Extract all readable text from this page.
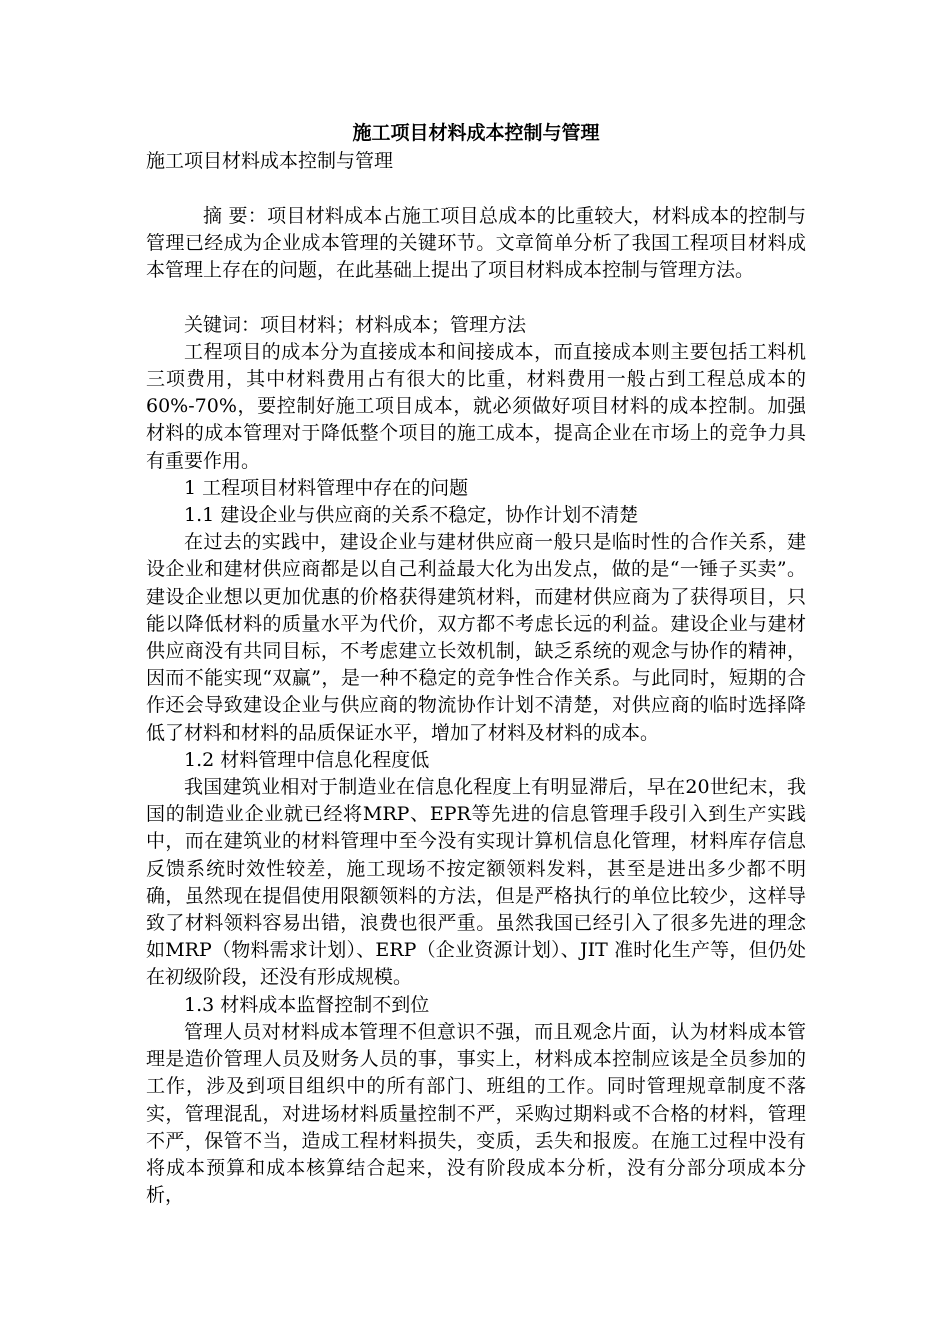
施工项目材料成本控制与管理

施工项目材料成本控制与管理

摘 要：项目材料成本占施工项目总成本的比重较大，材料成本的控制与管理已经成为企业成本管理的关键环节。文章简单分析了我国工程项目材料成本管理上存在的问题，在此基础上提出了项目材料成本控制与管理方法。

关键词：项目材料；材料成本；管理方法

工程项目的成本分为直接成本和间接成本，而直接成本则主要包括工料机三项费用，其中材料费用占有很大的比重，材料费用一般占到工程总成本的60%-70%，要控制好施工项目成本，就必须做好项目材料的成本控制。加强材料的成本管理对于降低整个项目的施工成本，提高企业在市场上的竞争力具有重要作用。

1 工程项目材料管理中存在的问题

1.1 建设企业与供应商的关系不稳定，协作计划不清楚

在过去的实践中，建设企业与建材供应商一般只是临时性的合作关系，建设企业和建材供应商都是以自己利益最大化为出发点，做的是“一锤子买卖”。建设企业想以更加优惠的价格获得建筑材料，而建材供应商为了获得项目，只能以降低材料的质量水平为代价，双方都不考虑长远的利益。建设企业与建材供应商没有共同目标，不考虑建立长效机制，缺乏系统的观念与协作的精神，因而不能实现“双赢”，是一种不稳定的竞争性合作关系。与此同时，短期的合作还会导致建设企业与供应商的物流协作计划不清楚，对供应商的临时选择降低了材料和材料的品质保证水平，增加了材料及材料的成本。

1.2 材料管理中信息化程度低

我国建筑业相对于制造业在信息化程度上有明显滞后，早在20世纪末，我国的制造业企业就已经将MRP、EPR等先进的信息管理手段引入到生产实践中，而在建筑业的材料管理中至今没有实现计算机信息化管理，材料库存信息反馈系统时效性较差，施工现场不按定额领料发料，甚至是进出多少都不明确，虽然现在提倡使用限额领料的方法，但是严格执行的单位比较少，这样导致了材料领料容易出错，浪费也很严重。虽然我国已经引入了很多先进的理念如MRP（物料需求计划）、ERP（企业资源计划）、JIT 准时化生产等，但仍处在初级阶段，还没有形成规模。

1.3 材料成本监督控制不到位

管理人员对材料成本管理不但意识不强，而且观念片面，认为材料成本管理是造价管理人员及财务人员的事，事实上，材料成本控制应该是全员参加的工作，涉及到项目组织中的所有部门、班组的工作。同时管理规章制度不落实，管理混乱，对进场材料质量控制不严，采购过期料或不合格的材料，管理不严，保管不当，造成工程材料损失，变质，丢失和报废。在施工过程中没有将成本预算和成本核算结合起来，没有阶段成本分析，没有分部分项成本分析，
